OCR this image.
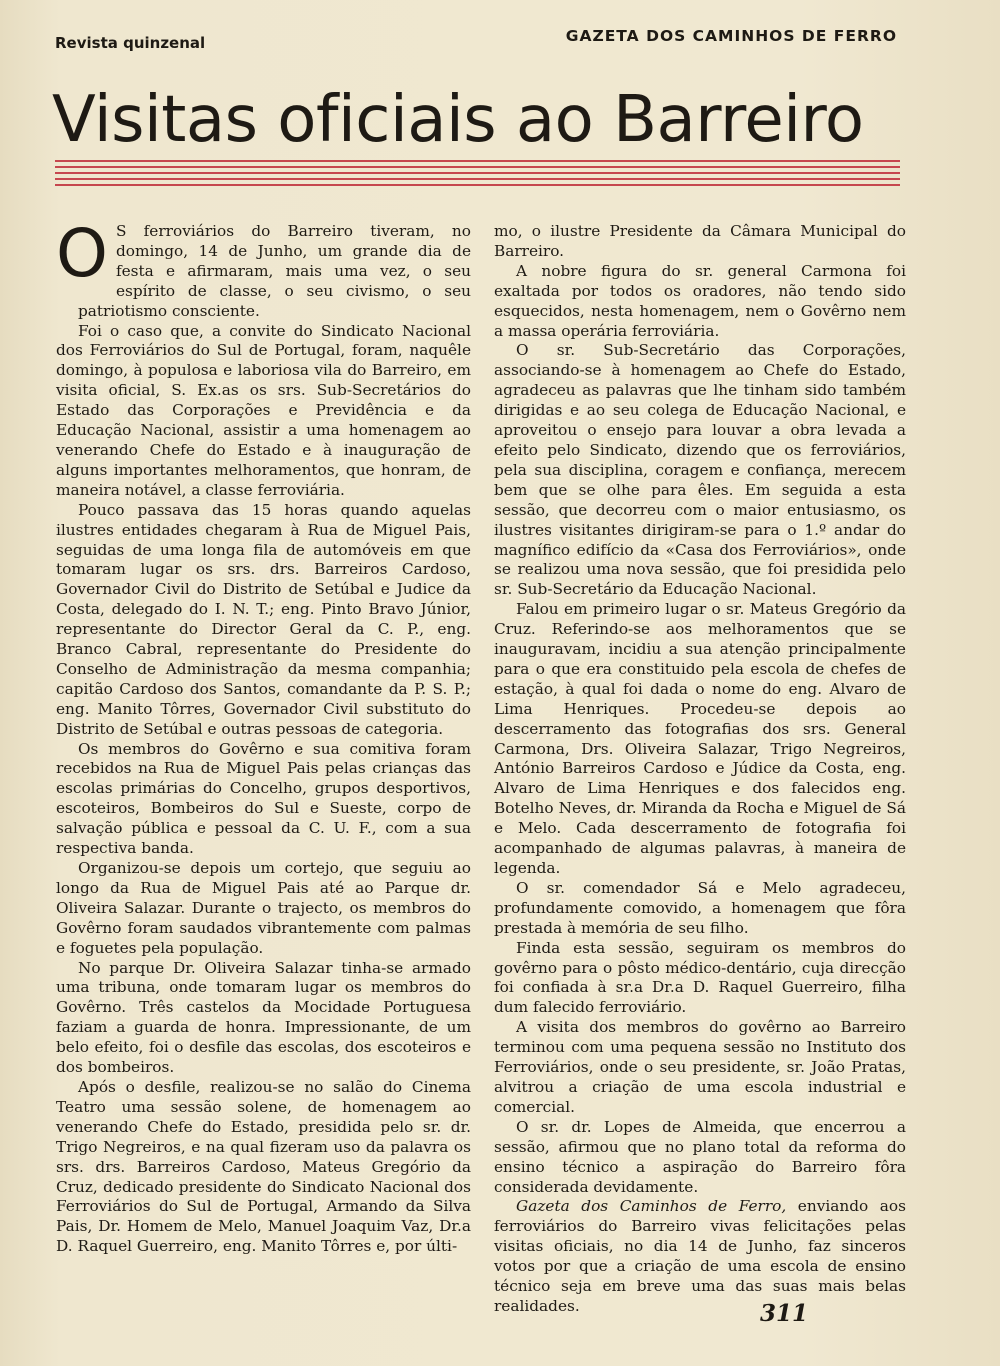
Revista quinzenal	GAZETA DOS CAMINHOS DE FERRO
Visitas oficiais ao Barreiro

O S ferroviários do Barreiro tiveram, no domingo, 14 de Junho, um grande dia de festa e afirmaram, mais uma vez, o seu espírito de classe, o seu civismo, o seu patriotismo consciente.

Foi o caso que, a convite do Sindicato Nacional dos Ferroviários do Sul de Portugal, foram, naquêle domingo, à populosa e laboriosa vila do Barreiro, em visita oficial, S. Ex.as os srs. Sub-Secretários do Estado das Corporações e Previdência e da Educação Nacional, assistir a uma homenagem ao venerando Chefe do Estado e à inauguração de alguns importantes melhoramentos, que honram, de maneira notável, a classe ferroviária.

Pouco passava das 15 horas quando aquelas ilustres entidades chegaram à Rua de Miguel Pais, seguidas de uma longa fila de automóveis em que tomaram lugar os srs. drs. Barreiros Cardoso, Governador Civil do Distrito de Setúbal e Judice da Costa, delegado do I. N. T.; eng. Pinto Bravo Júnior, representante do Director Geral da C. P., eng. Branco Cabral, representante do Presidente do Conselho de Administração da mesma companhia; capitão Cardoso dos Santos, comandante da P. S. P.; eng. Manito Tôrres, Governador Civil substituto do Distrito de Setúbal e outras pessoas de categoria.

Os membros do Govêrno e sua comitiva foram recebidos na Rua de Miguel Pais pelas crianças das escolas primárias do Concelho, grupos desportivos, escoteiros, Bombeiros do Sul e Sueste, corpo de salvação pública e pessoal da C. U. F., com a sua respectiva banda.

Organizou-se depois um cortejo, que seguiu ao longo da Rua de Miguel Pais até ao Parque dr. Oliveira Salazar. Durante o trajecto, os membros do Govêrno foram saudados vibrantemente com palmas e foguetes pela população.

No parque Dr. Oliveira Salazar tinha-se armado uma tribuna, onde tomaram lugar os membros do Govêrno. Três castelos da Mocidade Portuguesa faziam a guarda de honra. Impressionante, de um belo efeito, foi o desfile das escolas, dos escoteiros e dos bombeiros.

Após o desfile, realizou-se no salão do Cinema Teatro uma sessão solene, de homenagem ao venerando Chefe do Estado, presidida pelo sr. dr. Trigo Negreiros, e na qual fizeram uso da palavra os srs. drs. Barreiros Cardoso, Mateus Gregório da Cruz, dedicado presidente do Sindicato Nacional dos Ferroviários do Sul de Portugal, Armando da Silva Pais, Dr. Homem de Melo, Manuel Joaquim Vaz, Dr.a D. Raquel Guerreiro, eng. Manito Tôrres e, por últi-

mo, o ilustre Presidente da Câmara Municipal do Barreiro.

A nobre figura do sr. general Carmona foi exaltada por todos os oradores, não tendo sido esquecidos, nesta homenagem, nem o Govêrno nem a massa operária ferroviária.

O sr. Sub-Secretário das Corporações, associando-se à homenagem ao Chefe do Estado, agradeceu as palavras que lhe tinham sido também dirigidas e ao seu colega de Educação Nacional, e aproveitou o ensejo para louvar a obra levada a efeito pelo Sindicato, dizendo que os ferroviários, pela sua disciplina, coragem e confiança, merecem bem que se olhe para êles. Em seguida a esta sessão, que decorreu com o maior entusiasmo, os ilustres visitantes dirigiram-se para o 1.º andar do magnífico edifício da «Casa dos Ferroviários», onde se realizou uma nova sessão, que foi presidida pelo sr. Sub-Secretário da Educação Nacional.

Falou em primeiro lugar o sr. Mateus Gregório da Cruz. Referindo-se aos melhoramentos que se inauguravam, incidiu a sua atenção principalmente para o que era constituido pela escola de chefes de estação, à qual foi dada o nome do eng. Alvaro de Lima Henriques. Procedeu-se depois ao descerramento das fotografias dos srs. General Carmona, Drs. Oliveira Salazar, Trigo Negreiros, António Barreiros Cardoso e Júdice da Costa, eng. Alvaro de Lima Henriques e dos falecidos eng. Botelho Neves, dr. Miranda da Rocha e Miguel de Sá e Melo. Cada descerramento de fotografia foi acompanhado de algumas palavras, à maneira de legenda.

O sr. comendador Sá e Melo agradeceu, profundamente comovido, a homenagem que fôra prestada à memória de seu filho.

Finda esta sessão, seguiram os membros do govêrno para o pôsto médico-dentário, cuja direcção foi confiada à sr.a Dr.a D. Raquel Guerreiro, filha dum falecido ferroviário.

A visita dos membros do govêrno ao Barreiro terminou com uma pequena sessão no Instituto dos Ferroviários, onde o seu presidente, sr. João Pratas, alvitrou a criação de uma escola industrial e comercial.

O sr. dr. Lopes de Almeida, que encerrou a sessão, afirmou que no plano total da reforma do ensino técnico a aspiração do Barreiro fôra considerada devidamente.

Gazeta dos Caminhos de Ferro, enviando aos ferroviários do Barreiro vivas felicitações pelas visitas oficiais, no dia 14 de Junho, faz sinceros votos por que a criação de uma escola de ensino técnico seja em breve uma das suas mais belas realidades.	311
